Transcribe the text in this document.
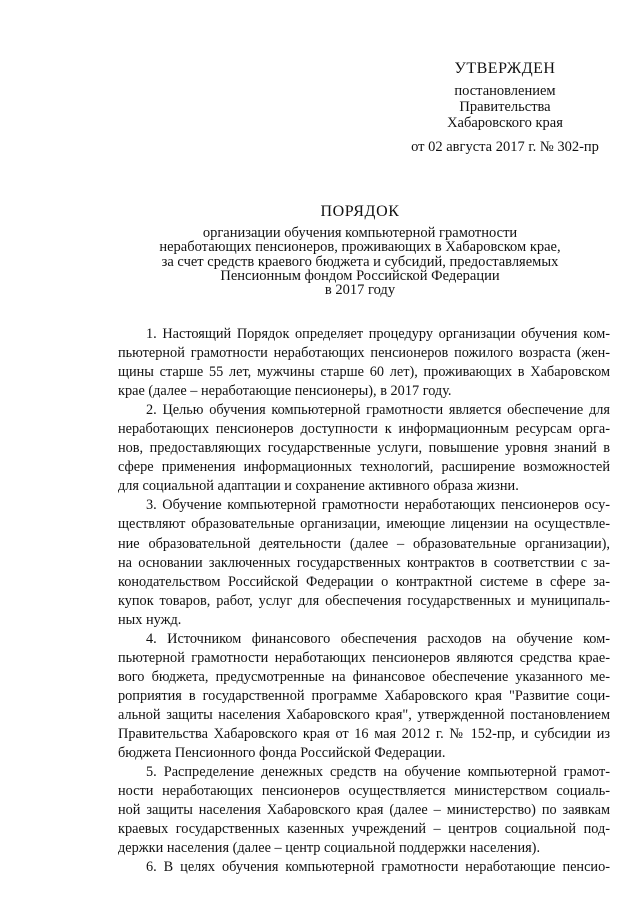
УТВЕРЖДЕН
постановлением
Правительства
Хабаровского края
от 02 августа 2017 г. № 302-пр
ПОРЯДОК
организации обучения компьютерной грамотности
неработающих пенсионеров, проживающих в Хабаровском крае,
за счет средств краевого бюджета и субсидий, предоставляемых
Пенсионным фондом Российской Федерации
в 2017 году
1. Настоящий Порядок определяет процедуру организации обучения ком-
пьютерной грамотности неработающих пенсионеров пожилого возраста (жен-
щины старше 55 лет, мужчины старше 60 лет), проживающих в Хабаровском
крае (далее – неработающие пенсионеры), в 2017 году.
2. Целью обучения компьютерной грамотности является обеспечение для
неработающих пенсионеров доступности к информационным ресурсам орга-
нов, предоставляющих государственные услуги, повышение уровня знаний в
сфере применения информационных технологий, расширение возможностей
для социальной адаптации и сохранение активного образа жизни.
3. Обучение компьютерной грамотности неработающих пенсионеров осу-
ществляют образовательные организации, имеющие лицензии на осуществле-
ние образовательной деятельности (далее – образовательные организации),
на основании заключенных государственных контрактов в соответствии с за-
конодательством Российской Федерации о контрактной системе в сфере за-
купок товаров, работ, услуг для обеспечения государственных и муниципаль-
ных нужд.
4. Источником финансового обеспечения расходов на обучение ком-
пьютерной грамотности неработающих пенсионеров являются средства крае-
вого бюджета, предусмотренные на финансовое обеспечение указанного ме-
роприятия в государственной программе Хабаровского края "Развитие соци-
альной защиты населения Хабаровского края", утвержденной постановлением
Правительства Хабаровского края от 16 мая 2012 г. № 152-пр, и субсидии из
бюджета Пенсионного фонда Российской Федерации.
5. Распределение денежных средств на обучение компьютерной грамот-
ности неработающих пенсионеров осуществляется министерством социаль-
ной защиты населения Хабаровского края (далее – министерство) по заявкам
краевых государственных казенных учреждений – центров социальной под-
держки населения (далее – центр социальной поддержки населения).
6. В целях обучения компьютерной грамотности неработающие пенсио-
